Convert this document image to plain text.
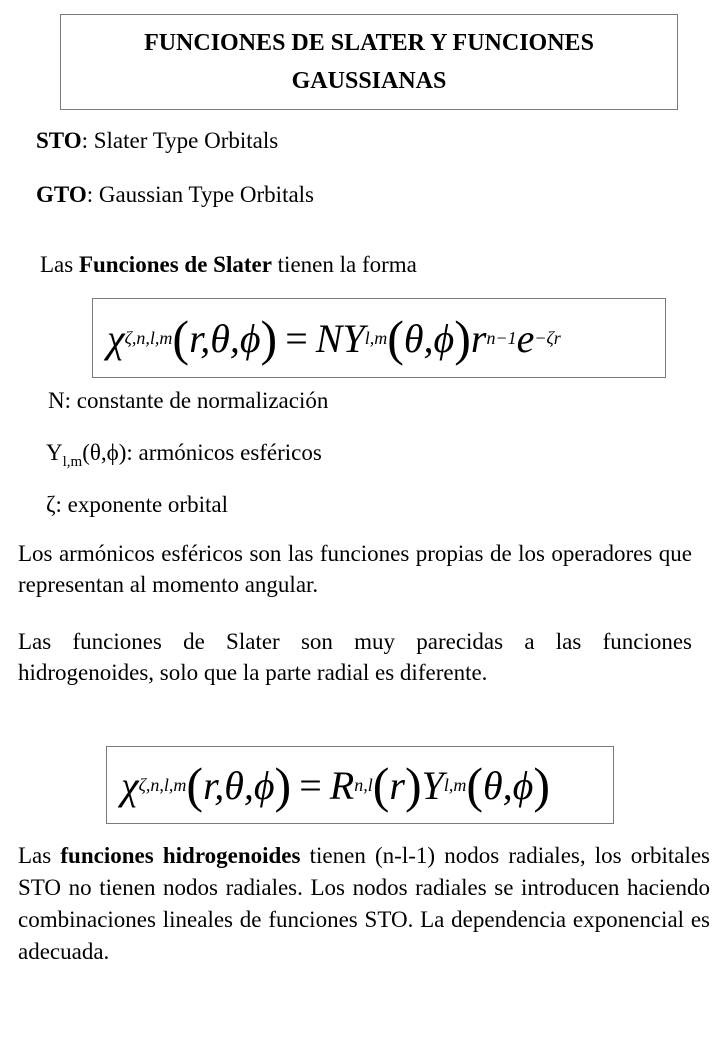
FUNCIONES DE SLATER Y FUNCIONES GAUSSIANAS
STO: Slater Type Orbitals
GTO: Gaussian Type Orbitals
Las Funciones de Slater tienen la forma
χ ζ,n,l,m ( r,θ,ϕ ) = NY l,m ( θ,ϕ ) r n−1 e −ζr
N: constante de normalización
$Y_{l,m}(\theta,\phi)$: armónicos esféricos
ζ: exponente orbital
Los armónicos esféricos son las funciones propias de los operadores que representan al momento angular.
Las funciones de Slater son muy parecidas a las funciones hidrogenoides, solo que la parte radial es diferente.
χ ζ,n,l,m ( r,θ,ϕ ) = R n,l ( r ) Y l,m ( θ,ϕ )
Las funciones hidrogenoides tienen (n-l-1) nodos radiales, los orbitales STO no tienen nodos radiales. Los nodos radiales se introducen haciendo combinaciones lineales de funciones STO. La dependencia exponencial es adecuada.
